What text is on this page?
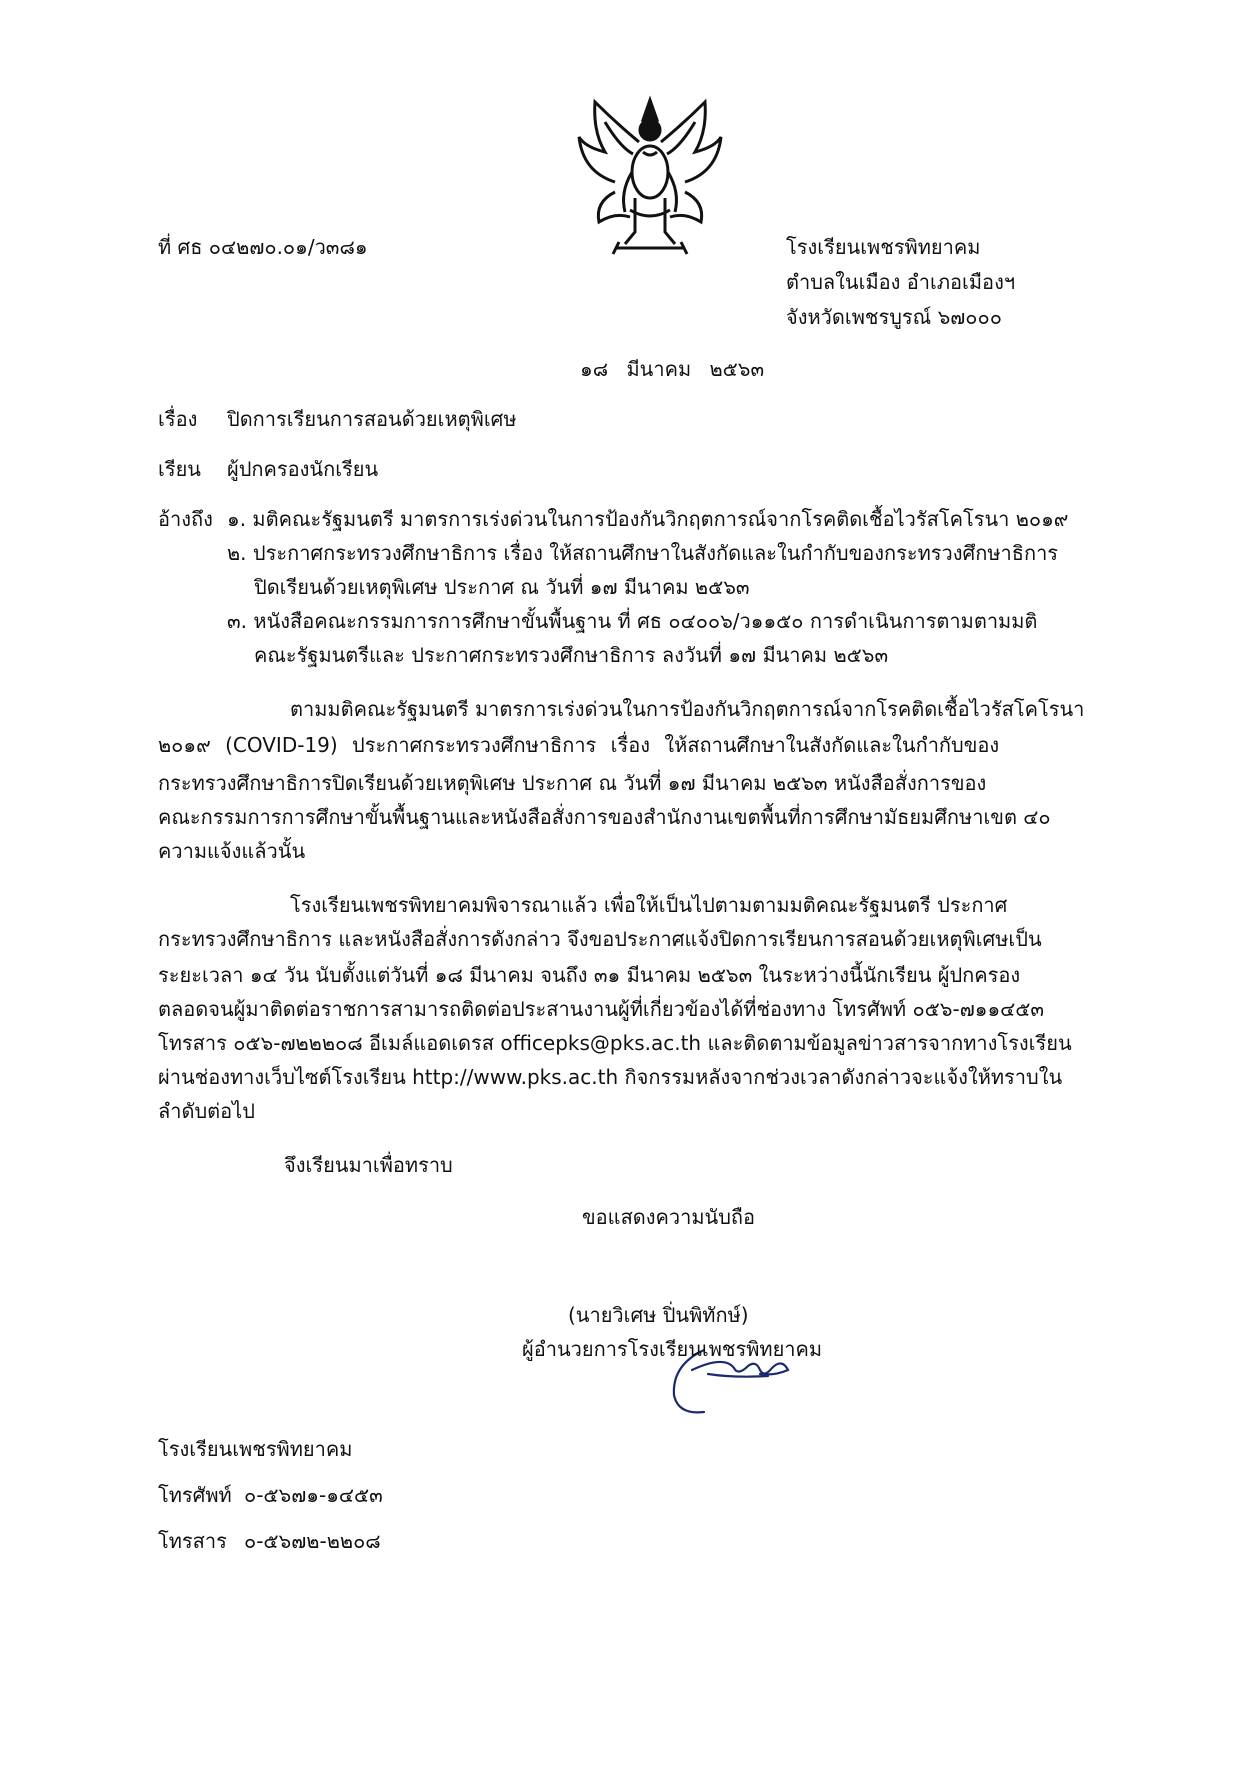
ที่ ศธ ๐๔๒๗๐.๐๑/ว๓๘๑	โรงเรียนเพชรพิทยาคม
ตำบลในเมือง อำเภอเมืองฯ
จังหวัดเพชรบูรณ์ ๖๗๐๐๐
๑๘ มีนาคม ๒๕๖๓
เรื่อง ปิดการเรียนการสอนด้วยเหตุพิเศษ
เรียน ผู้ปกครองนักเรียน
อ้างถึง ๑. มติคณะรัฐมนตรี มาตรการเร่งด่วนในการป้องกันวิกฤตการณ์จากโรคติดเชื้อไวรัสโคโรนา ๒๐๑๙
๒. ประกาศกระทรวงศึกษาธิการ เรื่อง ให้สถานศึกษาในสังกัดและในกำกับของกระทรวงศึกษาธิการ
ปิดเรียนด้วยเหตุพิเศษ ประกาศ ณ วันที่ ๑๗ มีนาคม ๒๕๖๓
๓. หนังสือคณะกรรมการการศึกษาขั้นพื้นฐาน ที่ ศธ ๐๔๐๐๖/ว๑๑๕๐ การดำเนินการตามตามมติ
คณะรัฐมนตรีและ ประกาศกระทรวงศึกษาธิการ ลงวันที่ ๑๗ มีนาคม ๒๕๖๓
ตามมติคณะรัฐมนตรี มาตรการเร่งด่วนในการป้องกันวิกฤตการณ์จากโรคติดเชื้อไวรัสโคโรนา
๒๐๑๙ (COVID-19) ประกาศกระทรวงศึกษาธิการ เรื่อง ให้สถานศึกษาในสังกัดและในกำกับของ
กระทรวงศึกษาธิการปิดเรียนด้วยเหตุพิเศษ ประกาศ ณ วันที่ ๑๗ มีนาคม ๒๕๖๓ หนังสือสั่งการของ
คณะกรรมการการศึกษาขั้นพื้นฐานและหนังสือสั่งการของสำนักงานเขตพื้นที่การศึกษามัธยมศึกษาเขต ๔๐
ความแจ้งแล้วนั้น
โรงเรียนเพชรพิทยาคมพิจารณาแล้ว เพื่อให้เป็นไปตามตามมติคณะรัฐมนตรี ประกาศ
กระทรวงศึกษาธิการ และหนังสือสั่งการดังกล่าว จึงขอประกาศแจ้งปิดการเรียนการสอนด้วยเหตุพิเศษเป็น
ระยะเวลา ๑๔ วัน นับตั้งแต่วันที่ ๑๘ มีนาคม จนถึง ๓๑ มีนาคม ๒๕๖๓ ในระหว่างนี้นักเรียน ผู้ปกครอง
ตลอดจนผู้มาติดต่อราชการสามารถติดต่อประสานงานผู้ที่เกี่ยวข้องได้ที่ช่องทาง โทรศัพท์ ๐๕๖-๗๑๑๔๕๓
โทรสาร ๐๕๖-๗๒๒๒๐๘ อีเมล์แอดเดรส officepks@pks.ac.th และติดตามข้อมูลข่าวสารจากทางโรงเรียน
ผ่านช่องทางเว็บไซต์โรงเรียน http://www.pks.ac.th กิจกรรมหลังจากช่วงเวลาดังกล่าวจะแจ้งให้ทราบใน
ลำดับต่อไป
จึงเรียนมาเพื่อทราบ
ขอแสดงความนับถือ
(นายวิเศษ ปิ่นพิทักษ์)
ผู้อำนวยการโรงเรียนเพชรพิทยาคม
โรงเรียนเพชรพิทยาคม
โทรศัพท์ ๐-๕๖๗๑-๑๔๕๓
โทรสาร ๐-๕๖๗๒-๒๒๐๘
